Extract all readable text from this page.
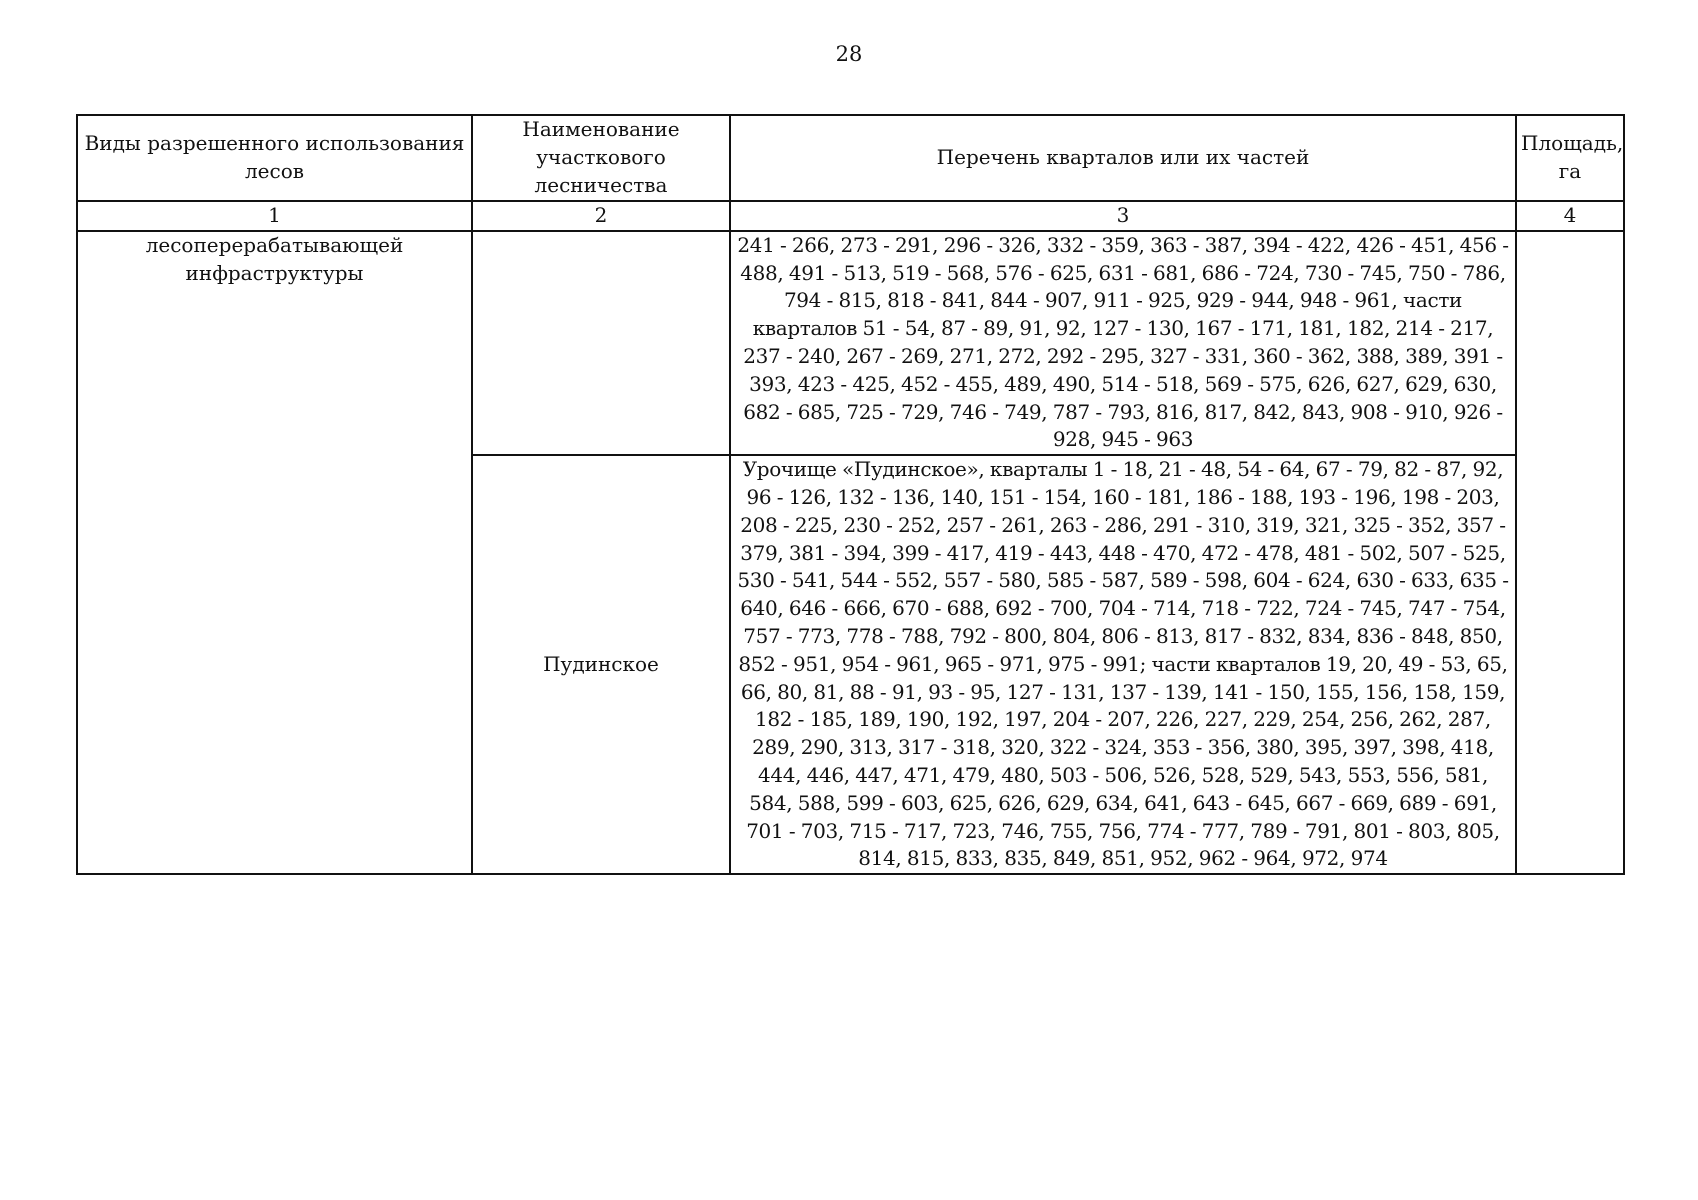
28
Виды разрешенного использования лесов	Наименование участкового лесничества	Перечень кварталов или их частей	Площадь, га
1	2	3	4
лесоперерабатывающей инфраструктуры		241 - 266, 273 - 291, 296 - 326, 332 - 359, 363 - 387, 394 - 422, 426 - 451, 456 - 488, 491 - 513, 519 - 568, 576 - 625, 631 - 681, 686 - 724, 730 - 745, 750 - 786, 794 - 815, 818 - 841, 844 - 907, 911 - 925, 929 - 944, 948 - 961, части кварталов 51 - 54, 87 - 89, 91, 92, 127 - 130, 167 - 171, 181, 182, 214 - 217, 237 - 240, 267 - 269, 271, 272, 292 - 295, 327 - 331, 360 - 362, 388, 389, 391 - 393, 423 - 425, 452 - 455, 489, 490, 514 - 518, 569 - 575, 626, 627, 629, 630, 682 - 685, 725 - 729, 746 - 749, 787 - 793, 816, 817, 842, 843, 908 - 910, 926 - 928, 945 - 963	
	Пудинское	Урочище «Пудинское», кварталы 1 - 18, 21 - 48, 54 - 64, 67 - 79, 82 - 87, 92, 96 - 126, 132 - 136, 140, 151 - 154, 160 - 181, 186 - 188, 193 - 196, 198 - 203, 208 - 225, 230 - 252, 257 - 261, 263 - 286, 291 - 310, 319, 321, 325 - 352, 357 - 379, 381 - 394, 399 - 417, 419 - 443, 448 - 470, 472 - 478, 481 - 502, 507 - 525, 530 - 541, 544 - 552, 557 - 580, 585 - 587, 589 - 598, 604 - 624, 630 - 633, 635 - 640, 646 - 666, 670 - 688, 692 - 700, 704 - 714, 718 - 722, 724 - 745, 747 - 754, 757 - 773, 778 - 788, 792 - 800, 804, 806 - 813, 817 - 832, 834, 836 - 848, 850, 852 - 951, 954 - 961, 965 - 971, 975 - 991; части кварталов 19, 20, 49 - 53, 65, 66, 80, 81, 88 - 91, 93 - 95, 127 - 131, 137 - 139, 141 - 150, 155, 156, 158, 159, 182 - 185, 189, 190, 192, 197, 204 - 207, 226, 227, 229, 254, 256, 262, 287, 289, 290, 313, 317 - 318, 320, 322 - 324, 353 - 356, 380, 395, 397, 398, 418, 444, 446, 447, 471, 479, 480, 503 - 506, 526, 528, 529, 543, 553, 556, 581, 584, 588, 599 - 603, 625, 626, 629, 634, 641, 643 - 645, 667 - 669, 689 - 691, 701 - 703, 715 - 717, 723, 746, 755, 756, 774 - 777, 789 - 791, 801 - 803, 805, 814, 815, 833, 835, 849, 851, 952, 962 - 964, 972, 974	
